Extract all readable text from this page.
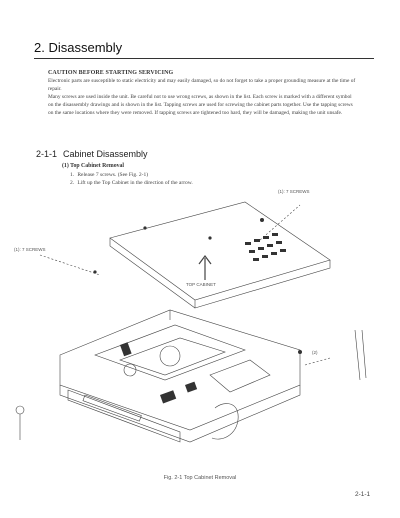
2. Disassembly
CAUTION BEFORE STARTING SERVICING

Electronic parts are susceptible to static electricity and may easily damaged, so do not forget to take a proper grounding measure at the time of repair.

Many screws are used inside the unit. Be careful not to use wrong screws, as shown in the list. Each screw is marked with a different symbol on the disassembly drawings and is shown in the list. Tapping screws are used for screwing the cabinet parts together. Use the tapping screws on the same locations where they were removed. If tapping screws are tightened too hard, they will be damaged, making the unit unsafe.

2-1-1 Cabinet Disassembly
(1) Top Cabinet Removal
1. Release 7 screws. (See Fig. 2-1)
2. Lift up the Top Cabinet in the direction of the arrow.
(1): 7 SCREWS
(1): 7 SCREWS
TOP CABINET
(2)
Fig. 2-1 Top Cabinet Removal
2-1-1
